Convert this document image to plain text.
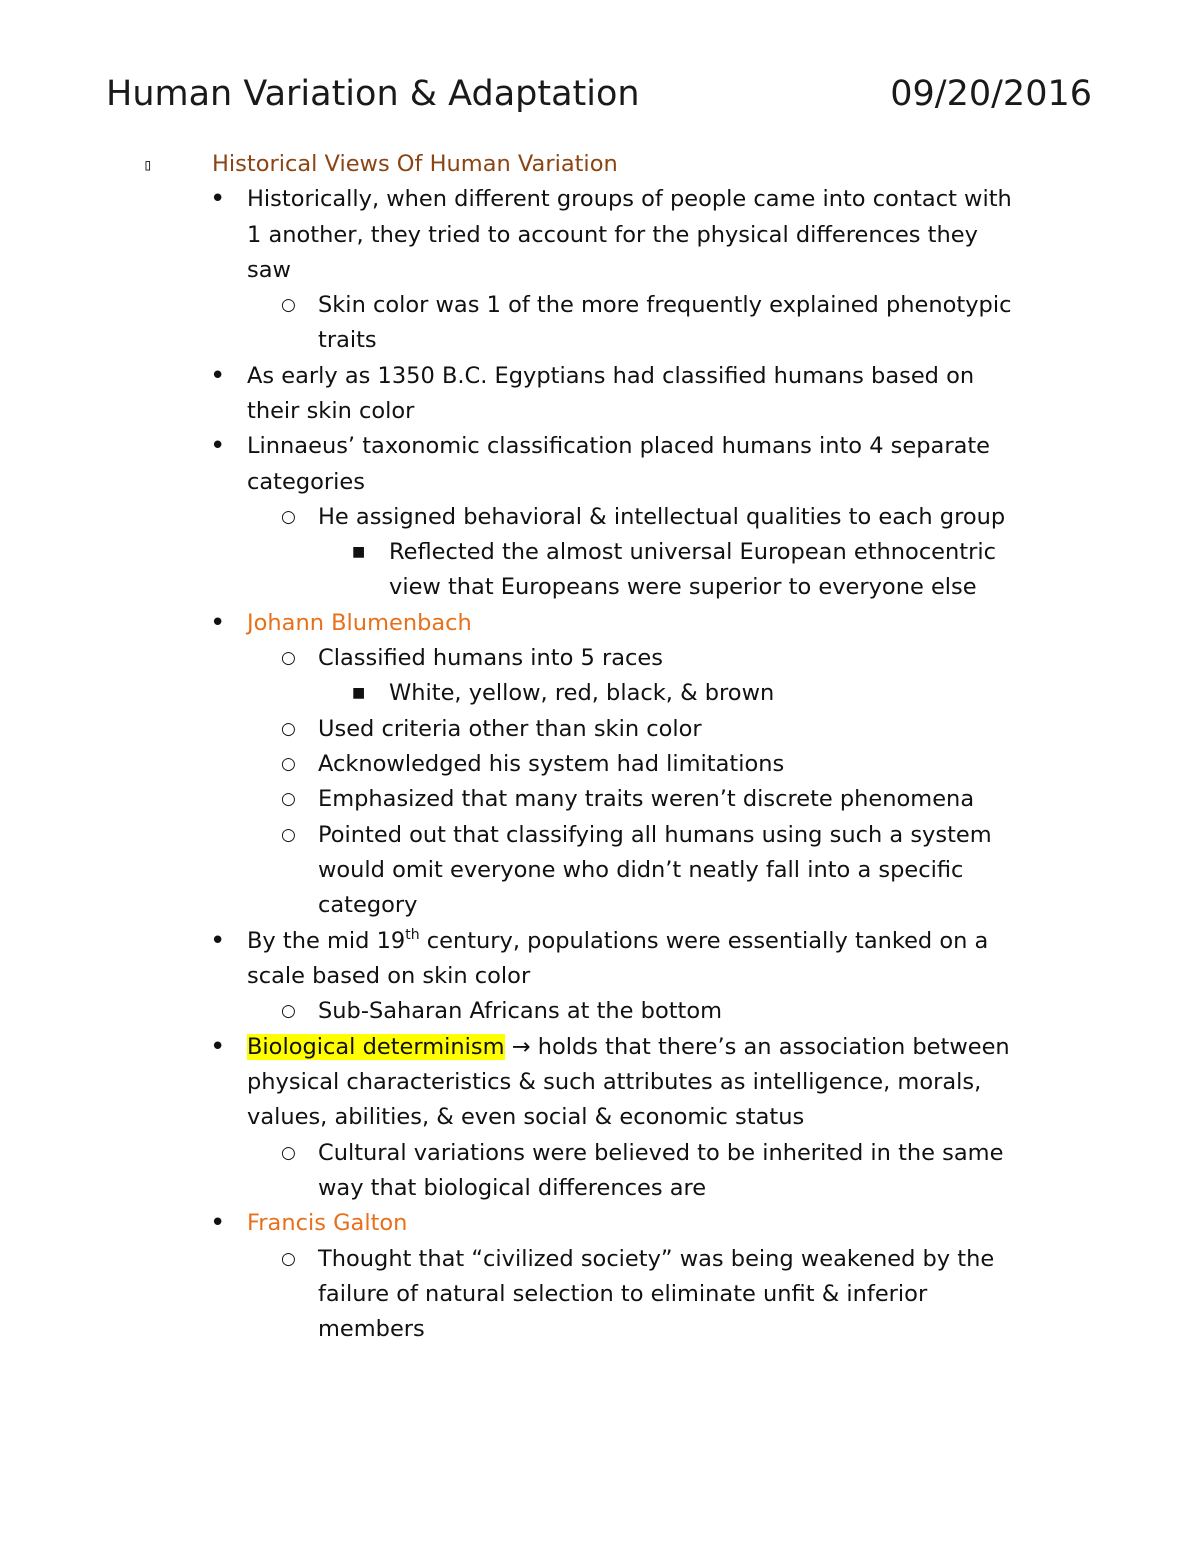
Human Variation & Adaptation	09/20/2016
▯	Historical Views Of Human Variation
• Historically, when different groups of people came into contact with
1 another, they tried to account for the physical differences they
saw
○ Skin color was 1 of the more frequently explained phenotypic
traits
• As early as 1350 B.C. Egyptians had classified humans based on
their skin color
• Linnaeus’ taxonomic classification placed humans into 4 separate
categories
○ He assigned behavioral & intellectual qualities to each group
■ Reflected the almost universal European ethnocentric
view that Europeans were superior to everyone else
• Johann Blumenbach
○ Classified humans into 5 races
■ White, yellow, red, black, & brown
○ Used criteria other than skin color
○ Acknowledged his system had limitations
○ Emphasized that many traits weren’t discrete phenomena
○ Pointed out that classifying all humans using such a system
would omit everyone who didn’t neatly fall into a specific
category
• By the mid 19th century, populations were essentially tanked on a
scale based on skin color
○ Sub-Saharan Africans at the bottom
• Biological determinism → holds that there’s an association between
physical characteristics & such attributes as intelligence, morals,
values, abilities, & even social & economic status
○ Cultural variations were believed to be inherited in the same
way that biological differences are
• Francis Galton
○ Thought that “civilized society” was being weakened by the
failure of natural selection to eliminate unfit & inferior
members
